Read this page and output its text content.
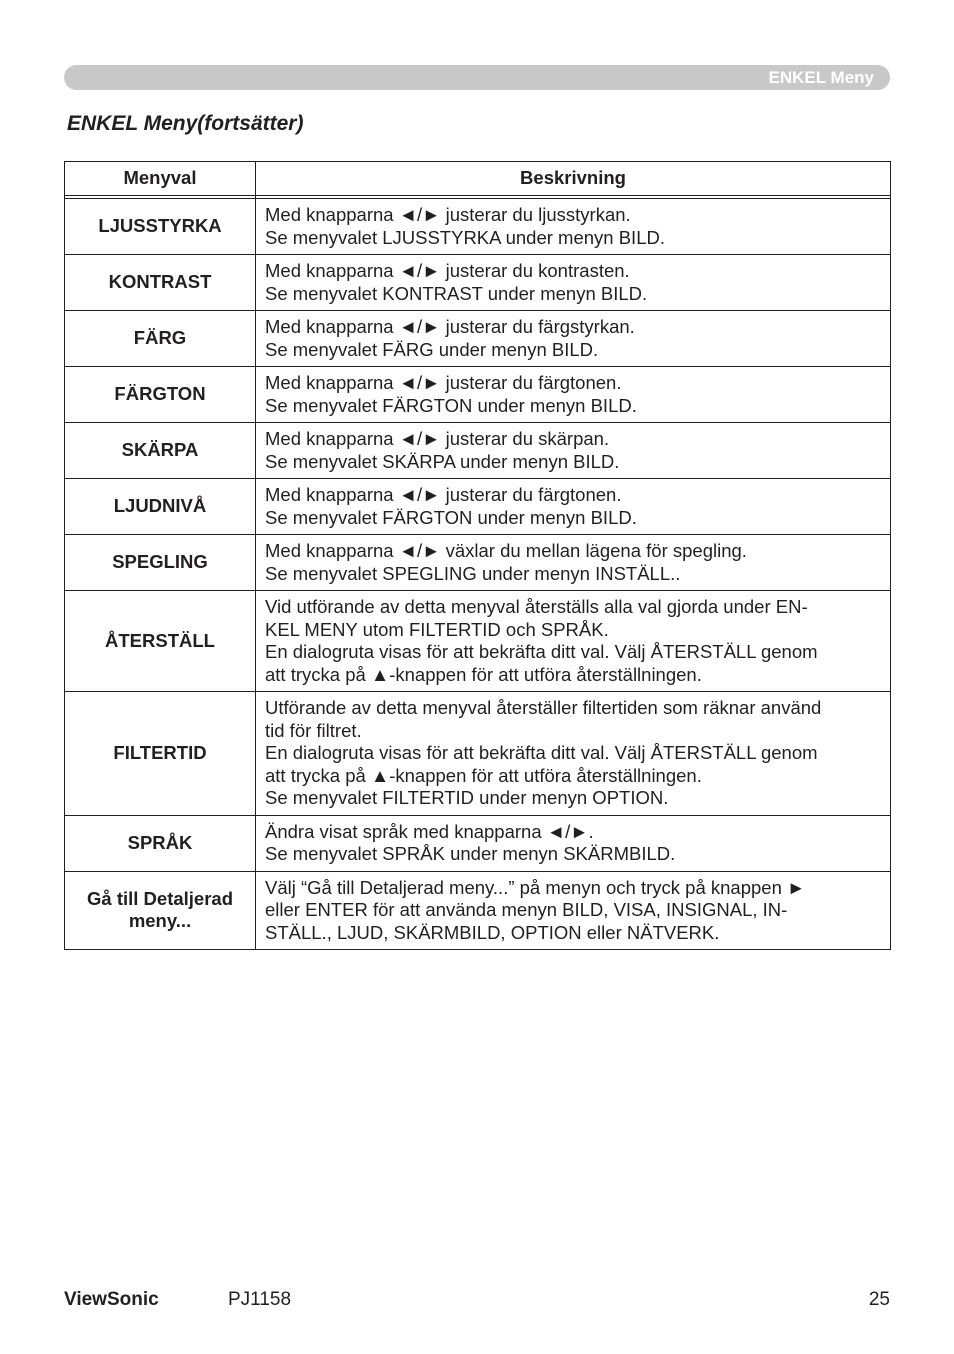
ENKEL Meny
ENKEL Meny(fortsätter)
Menyval	Beskrivning

LJUSSTYRKA	Med knapparna ◄/► justerar du ljusstyrkan.
Se menyvalet LJUSSTYRKA under menyn BILD.

KONTRAST	Med knapparna ◄/► justerar du kontrasten.
Se menyvalet KONTRAST under menyn BILD.

FÄRG	Med knapparna ◄/► justerar du färgstyrkan.
Se menyvalet FÄRG under menyn BILD.

FÄRGTON	Med knapparna ◄/► justerar du färgtonen.
Se menyvalet FÄRGTON under menyn BILD.

SKÄRPA	Med knapparna ◄/► justerar du skärpan.
Se menyvalet SKÄRPA under menyn BILD.

LJUDNIVÅ	Med knapparna ◄/► justerar du färgtonen.
Se menyvalet FÄRGTON under menyn BILD.

SPEGLING	Med knapparna ◄/► växlar du mellan lägena för spegling.
Se menyvalet SPEGLING under menyn INSTÄLL..

ÅTERSTÄLL	Vid utförande av detta menyval återställs alla val gjorda under EN-
KEL MENY utom FILTERTID och SPRÅK.
En dialogruta visas för att bekräfta ditt val. Välj ÅTERSTÄLL genom
att trycka på ▲-knappen för att utföra återställningen.

FILTERTID	Utförande av detta menyval återställer filtertiden som räknar använd
tid för filtret.
En dialogruta visas för att bekräfta ditt val. Välj ÅTERSTÄLL genom
att trycka på ▲-knappen för att utföra återställningen.
Se menyvalet FILTERTID under menyn OPTION.

SPRÅK	Ändra visat språk med knapparna ◄/►.
Se menyvalet SPRÅK under menyn SKÄRMBILD.

Gå till Detaljerad
meny...	Välj “Gå till Detaljerad meny...” på menyn och tryck på knappen ►
eller ENTER för att använda menyn BILD, VISA, INSIGNAL, IN-
STÄLL., LJUD, SKÄRMBILD, OPTION eller NÄTVERK.
ViewSonic	PJ1158	25
